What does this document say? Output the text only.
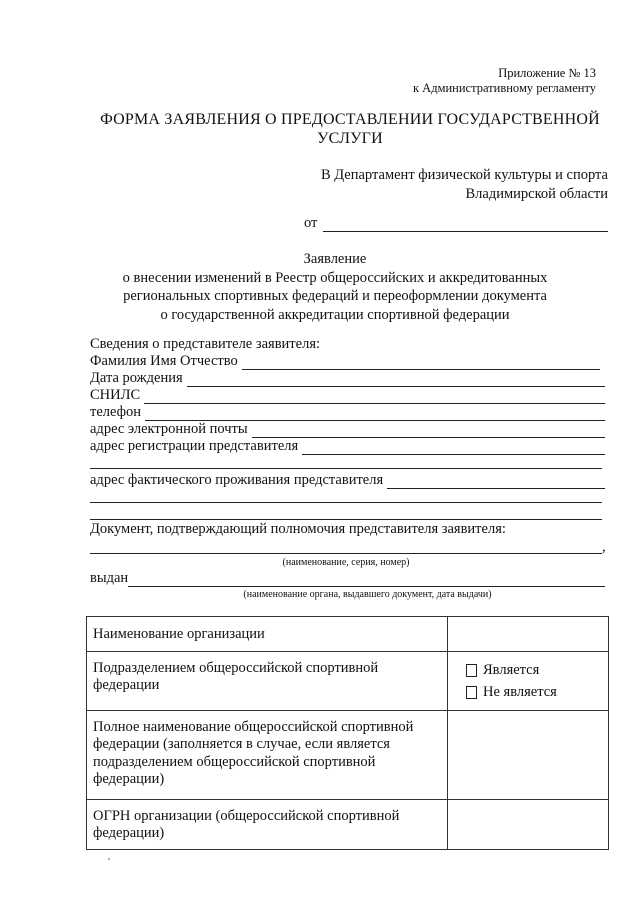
Приложение № 13
к Административному регламенту
ФОРМА ЗАЯВЛЕНИЯ О ПРЕДОСТАВЛЕНИИ ГОСУДАРСТВЕННОЙ УСЛУГИ
В Департамент физической культуры и спорта
Владимирской области
от
Заявление
о внесении изменений в Реестр общероссийских и аккредитованных
региональных спортивных федераций и переоформлении документа
о государственной аккредитации спортивной федерации
Сведения о представителе заявителя:
Фамилия Имя Отчество
Дата рождения
СНИЛС
телефон
адрес электронной почты
адрес регистрации представителя
адрес фактического проживания представителя
Документ, подтверждающий полномочия представителя заявителя:
,
(наименование, серия, номер)
выдан
(наименование органа, выдавшего документ, дата выдачи)
Наименование организации	
Подразделением общероссийской спортивной федерации	Является
Не является

Полное наименование общероссийской спортивной федерации (заполняется в случае, если является подразделением общероссийской спортивной федерации)	
ОГРН организации (общероссийской спортивной федерации)	
